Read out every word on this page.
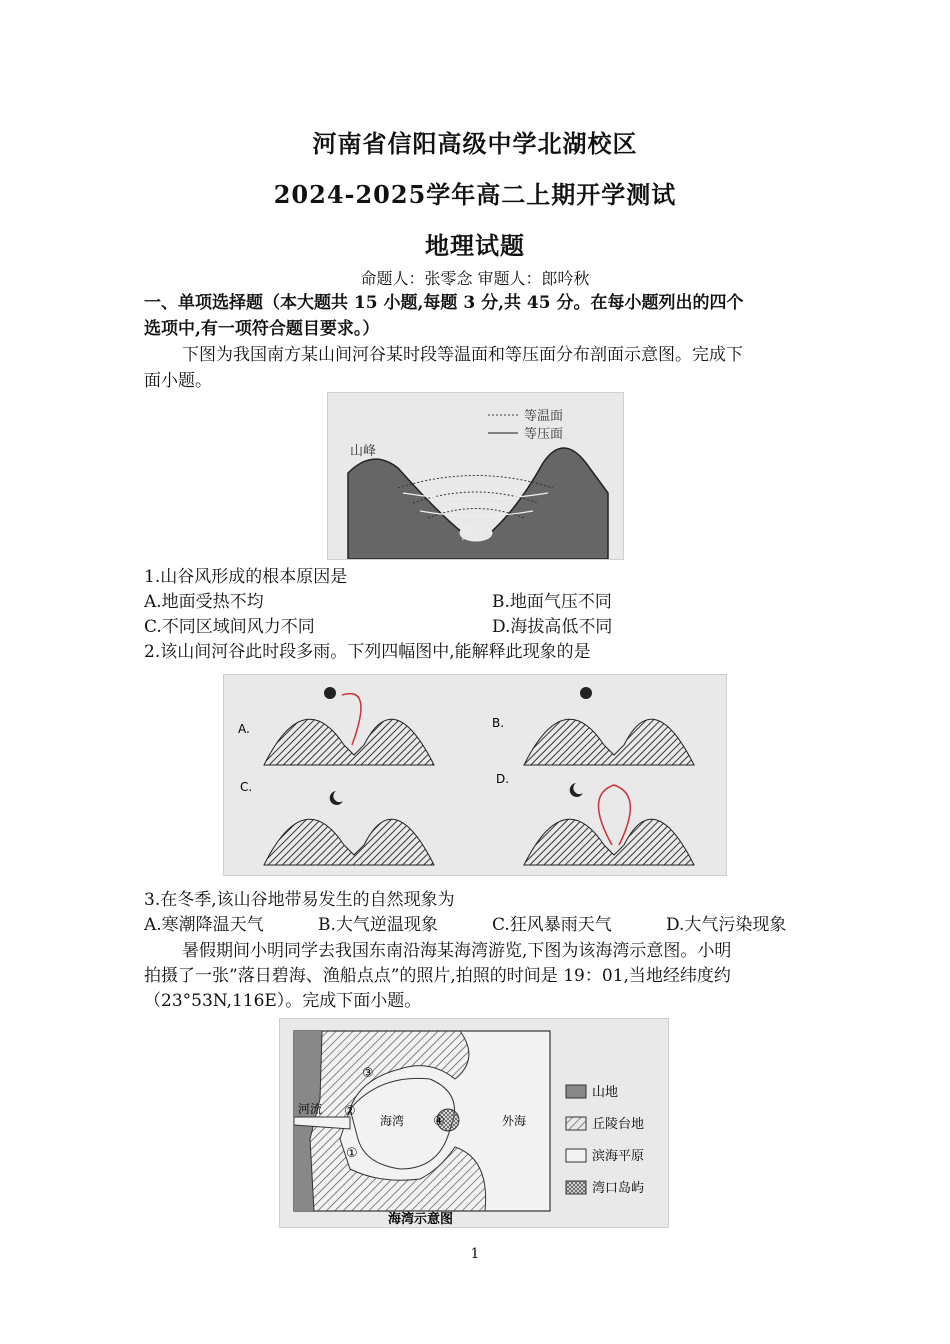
河南省信阳高级中学北湖校区
2024-2025学年高二上期开学测试
地理试题
命题人：张零念 审题人：郎吟秋
一、单项选择题（本大题共 15 小题,每题 3 分,共 45 分。在每小题列出的四个
选项中,有一项符合题目要求。）
下图为我国南方某山间河谷某时段等温面和等压面分布剖面示意图。完成下
面小题。
等温面
等压面
山峰
河谷
1.山谷风形成的根本原因是
A.地面受热不均	B.地面气压不同
C.不同区域间风力不同	D.海拔高低不同
2.该山间河谷此时段多雨。下列四幅图中,能解释此现象的是
A.	B.
C.
D.
3.在冬季,该山谷地带易发生的自然现象为
A.寒潮降温天气	B.大气逆温现象	C.狂风暴雨天气	D.大气污染现象
暑假期间小明同学去我国东南沿海某海湾游览,下图为该海湾示意图。小明
拍摄了一张”落日碧海、渔船点点”的照片,拍照的时间是 19：01,当地经纬度约
（23°53N,116E）。完成下面小题。
河流
海湾	外海
①
②
③
④
山地
丘陵台地
滨海平原
湾口岛屿
海湾示意图
1
